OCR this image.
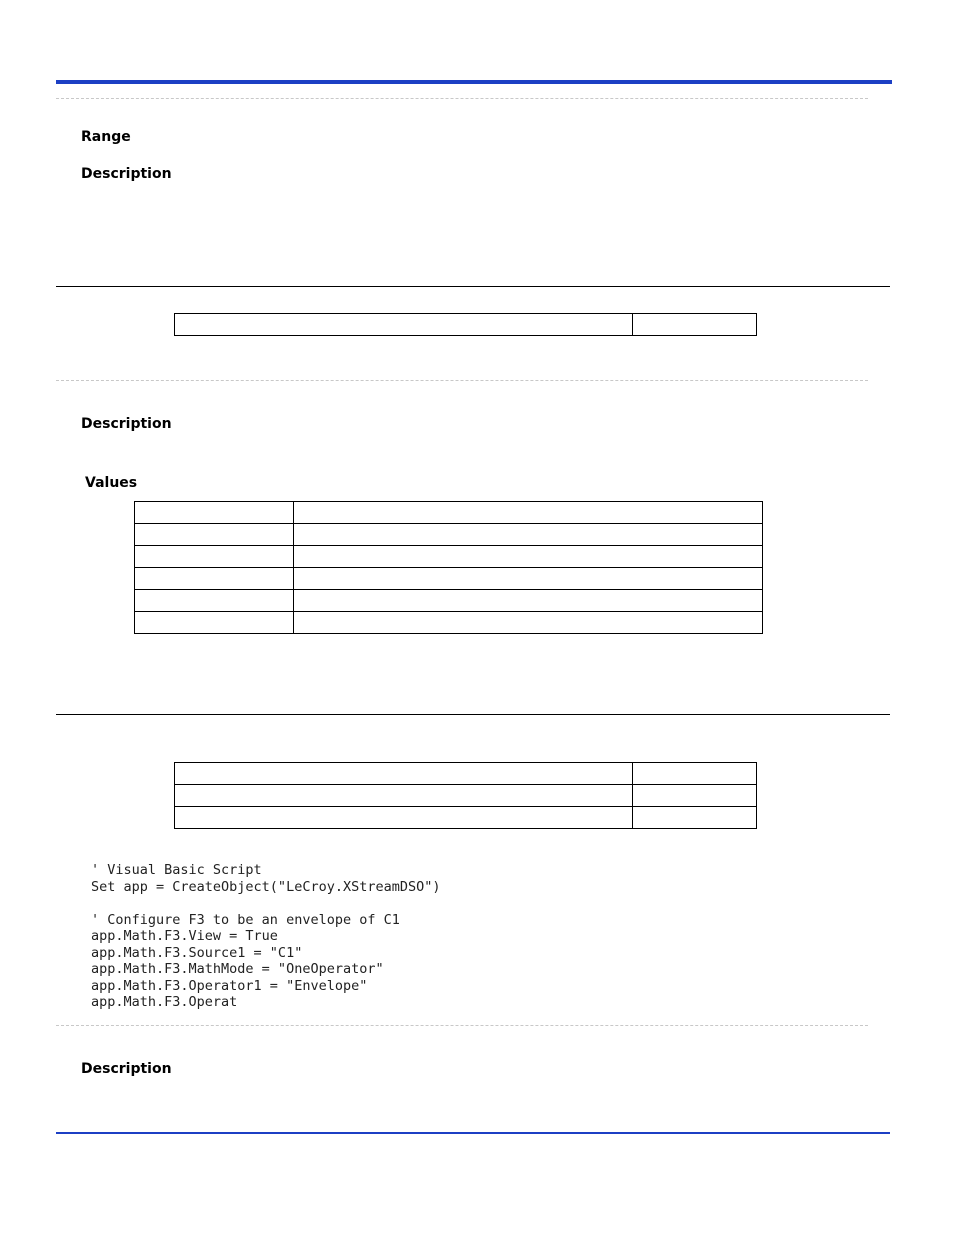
Range
Description

Description
Values

' Visual Basic Script
Set app = CreateObject("LeCroy.XStreamDSO")

' Configure F3 to be an envelope of C1
app.Math.F3.View = True
app.Math.F3.Source1 = "C1"
app.Math.F3.MathMode = "OneOperator"
app.Math.F3.Operator1 = "Envelope"
app.Math.F3.Operat
Description
